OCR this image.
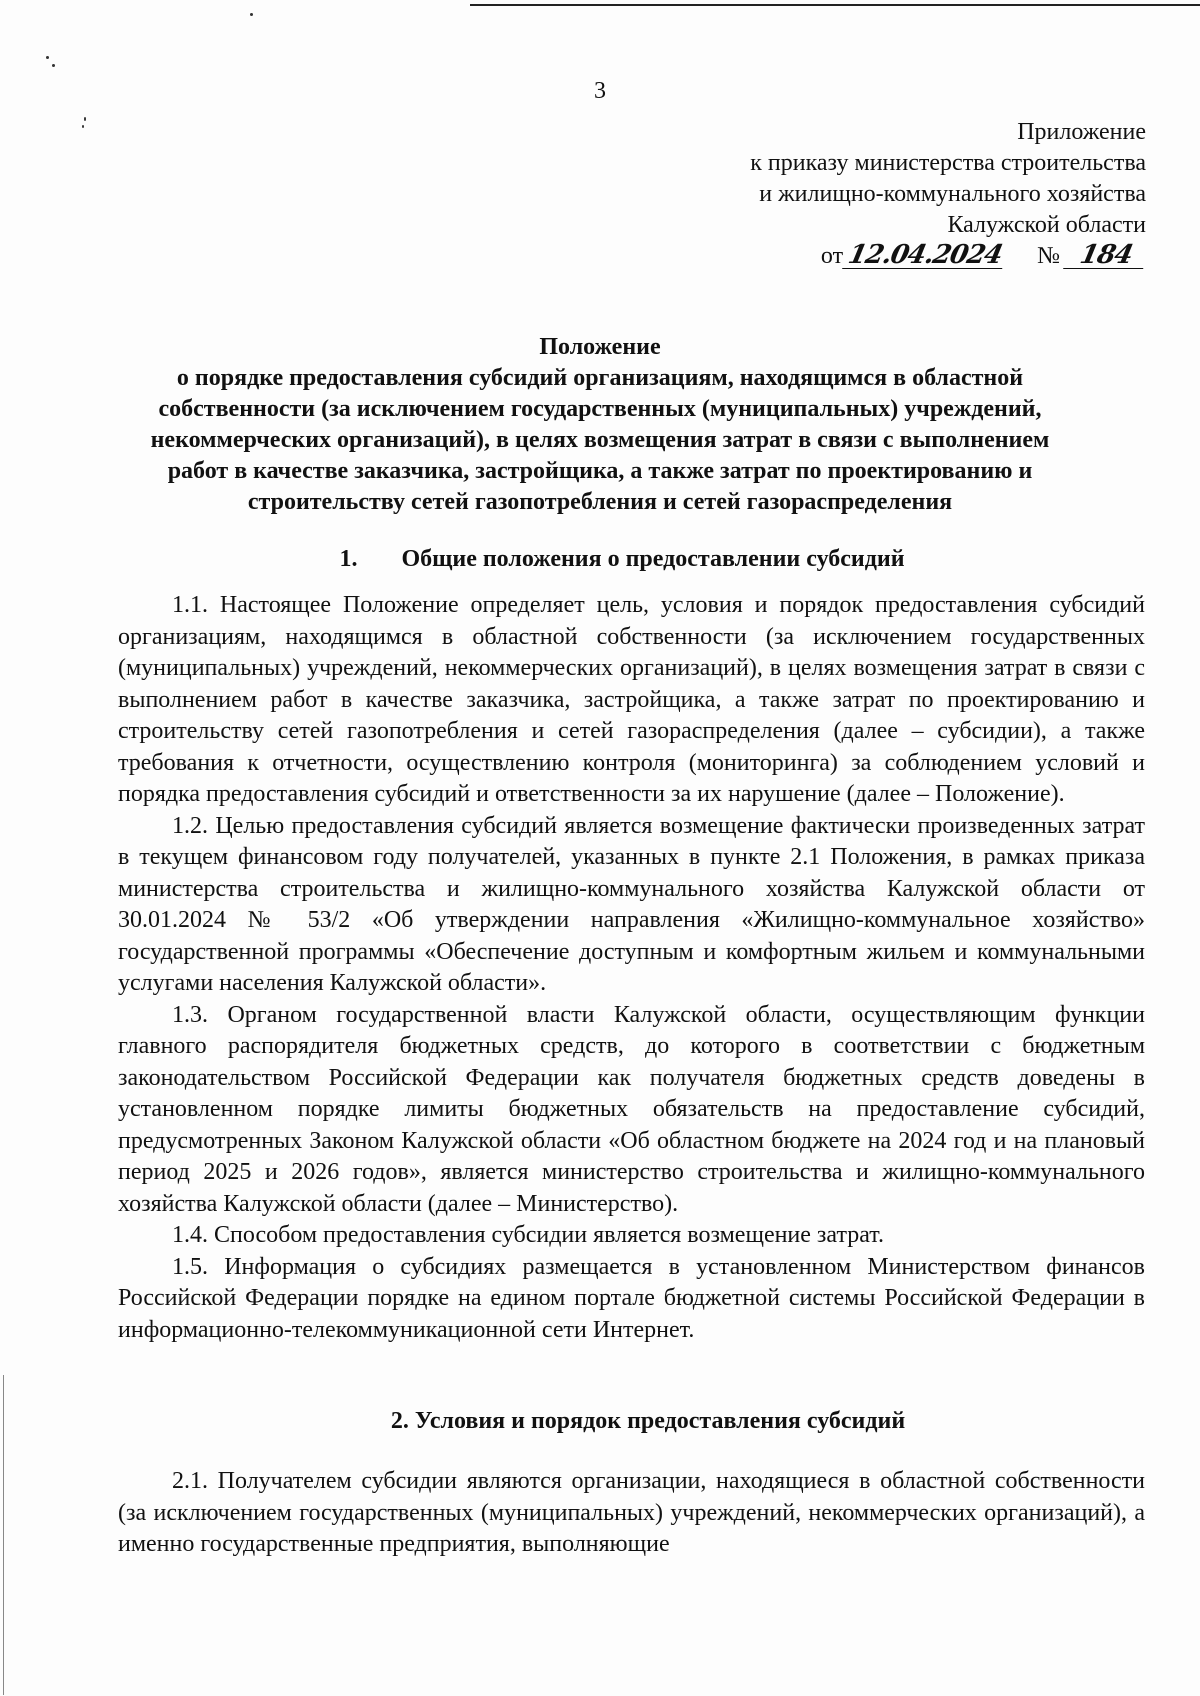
3
Приложение
к приказу министерства строительства
и жилищно-коммунального хозяйства
Калужской области
от 12.04.2024 № 184
Положение
о порядке предоставления субсидий организациям, находящимся в областной
собственности (за исключением государственных (муниципальных) учреждений,
некоммерческих организаций), в целях возмещения затрат в связи с выполнением
работ в качестве заказчика, застройщика, а также затрат по проектированию и
строительству сетей газопотребления и сетей газораспределения
1. Общие положения о предоставлении субсидий

1.1. Настоящее Положение определяет цель, условия и порядок предоставления субсидий организациям, находящимся в областной собственности (за исключением государственных (муниципальных) учреждений, некоммерческих организаций), в целях возмещения затрат в связи с выполнением работ в качестве заказчика, застройщика, а также затрат по проектированию и строительству сетей газопотребления и сетей газораспределения (далее – субсидии), а также требования к отчетности, осуществлению контроля (мониторинга) за соблюдением условий и порядка предоставления субсидий и ответственности за их нарушение (далее – Положение).

1.2. Целью предоставления субсидий является возмещение фактически произведенных затрат в текущем финансовом году получателей, указанных в пункте 2.1 Положения, в рамках приказа министерства строительства и жилищно-коммунального хозяйства Калужской области от 30.01.2024 № 53/2 «Об утверждении направления «Жилищно-коммунальное хозяйство» государственной программы «Обеспечение доступным и комфортным жильем и коммунальными услугами населения Калужской области».

1.3. Органом государственной власти Калужской области, осуществляющим функции главного распорядителя бюджетных средств, до которого в соответствии с бюджетным законодательством Российской Федерации как получателя бюджетных средств доведены в установленном порядке лимиты бюджетных обязательств на предоставление субсидий, предусмотренных Законом Калужской области «Об областном бюджете на 2024 год и на плановый период 2025 и 2026 годов», является министерство строительства и жилищно-коммунального хозяйства Калужской области (далее – Министерство).

1.4. Способом предоставления субсидии является возмещение затрат.

1.5. Информация о субсидиях размещается в установленном Министерством финансов Российской Федерации порядке на едином портале бюджетной системы Российской Федерации в информационно-телекоммуникационной сети Интернет.

2. Условия и порядок предоставления субсидий

2.1. Получателем субсидии являются организации, находящиеся в областной собственности (за исключением государственных (муниципальных) учреждений, некоммерческих организаций), а именно государственные предприятия, выполняющие
